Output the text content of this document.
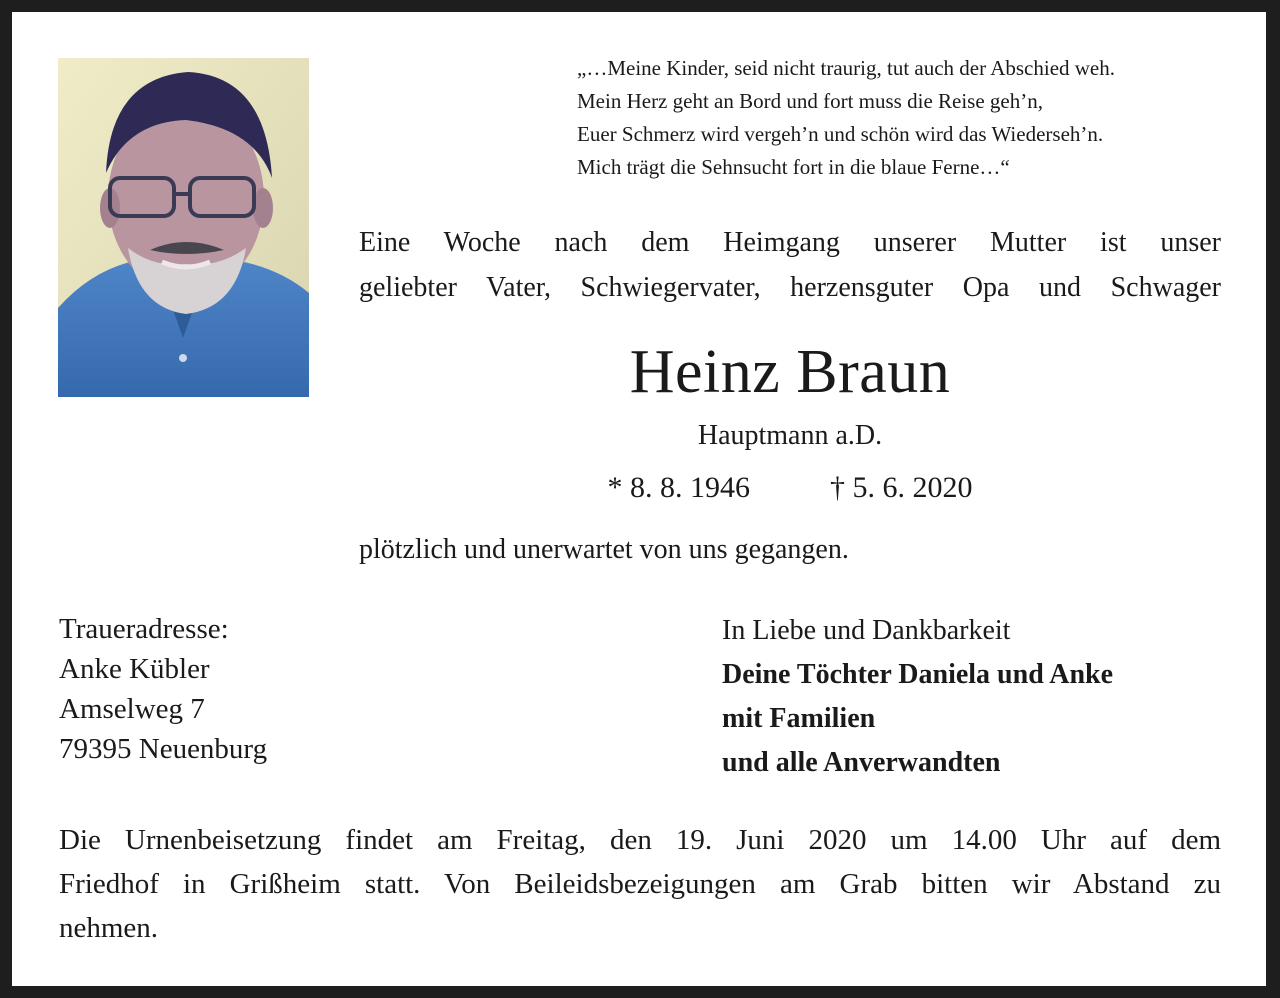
„…Meine Kinder, seid nicht traurig, tut auch der Abschied weh.
Mein Herz geht an Bord und fort muss die Reise geh’n,
Euer Schmerz wird vergeh’n und schön wird das Wiederseh’n.
Mich trägt die Sehnsucht fort in die blaue Ferne…“
Eine Woche nach dem Heimgang unserer Mutter ist unser
geliebter Vater, Schwiegervater, herzensguter Opa und Schwager
Heinz Braun
Hauptmann a.D.
* 8. 8. 1946	† 5. 6. 2020
plötzlich und unerwartet von uns gegangen.
Traueradresse:
Anke Kübler
Amselweg 7
79395 Neuenburg
In Liebe und Dankbarkeit
Deine Töchter Daniela und Anke
mit Familien
und alle Anverwandten
Die Urnenbeisetzung findet am Freitag, den 19. Juni 2020 um 14.00 Uhr auf dem
Friedhof in Grißheim statt. Von Beileidsbezeigungen am Grab bitten wir Abstand zu
nehmen.
